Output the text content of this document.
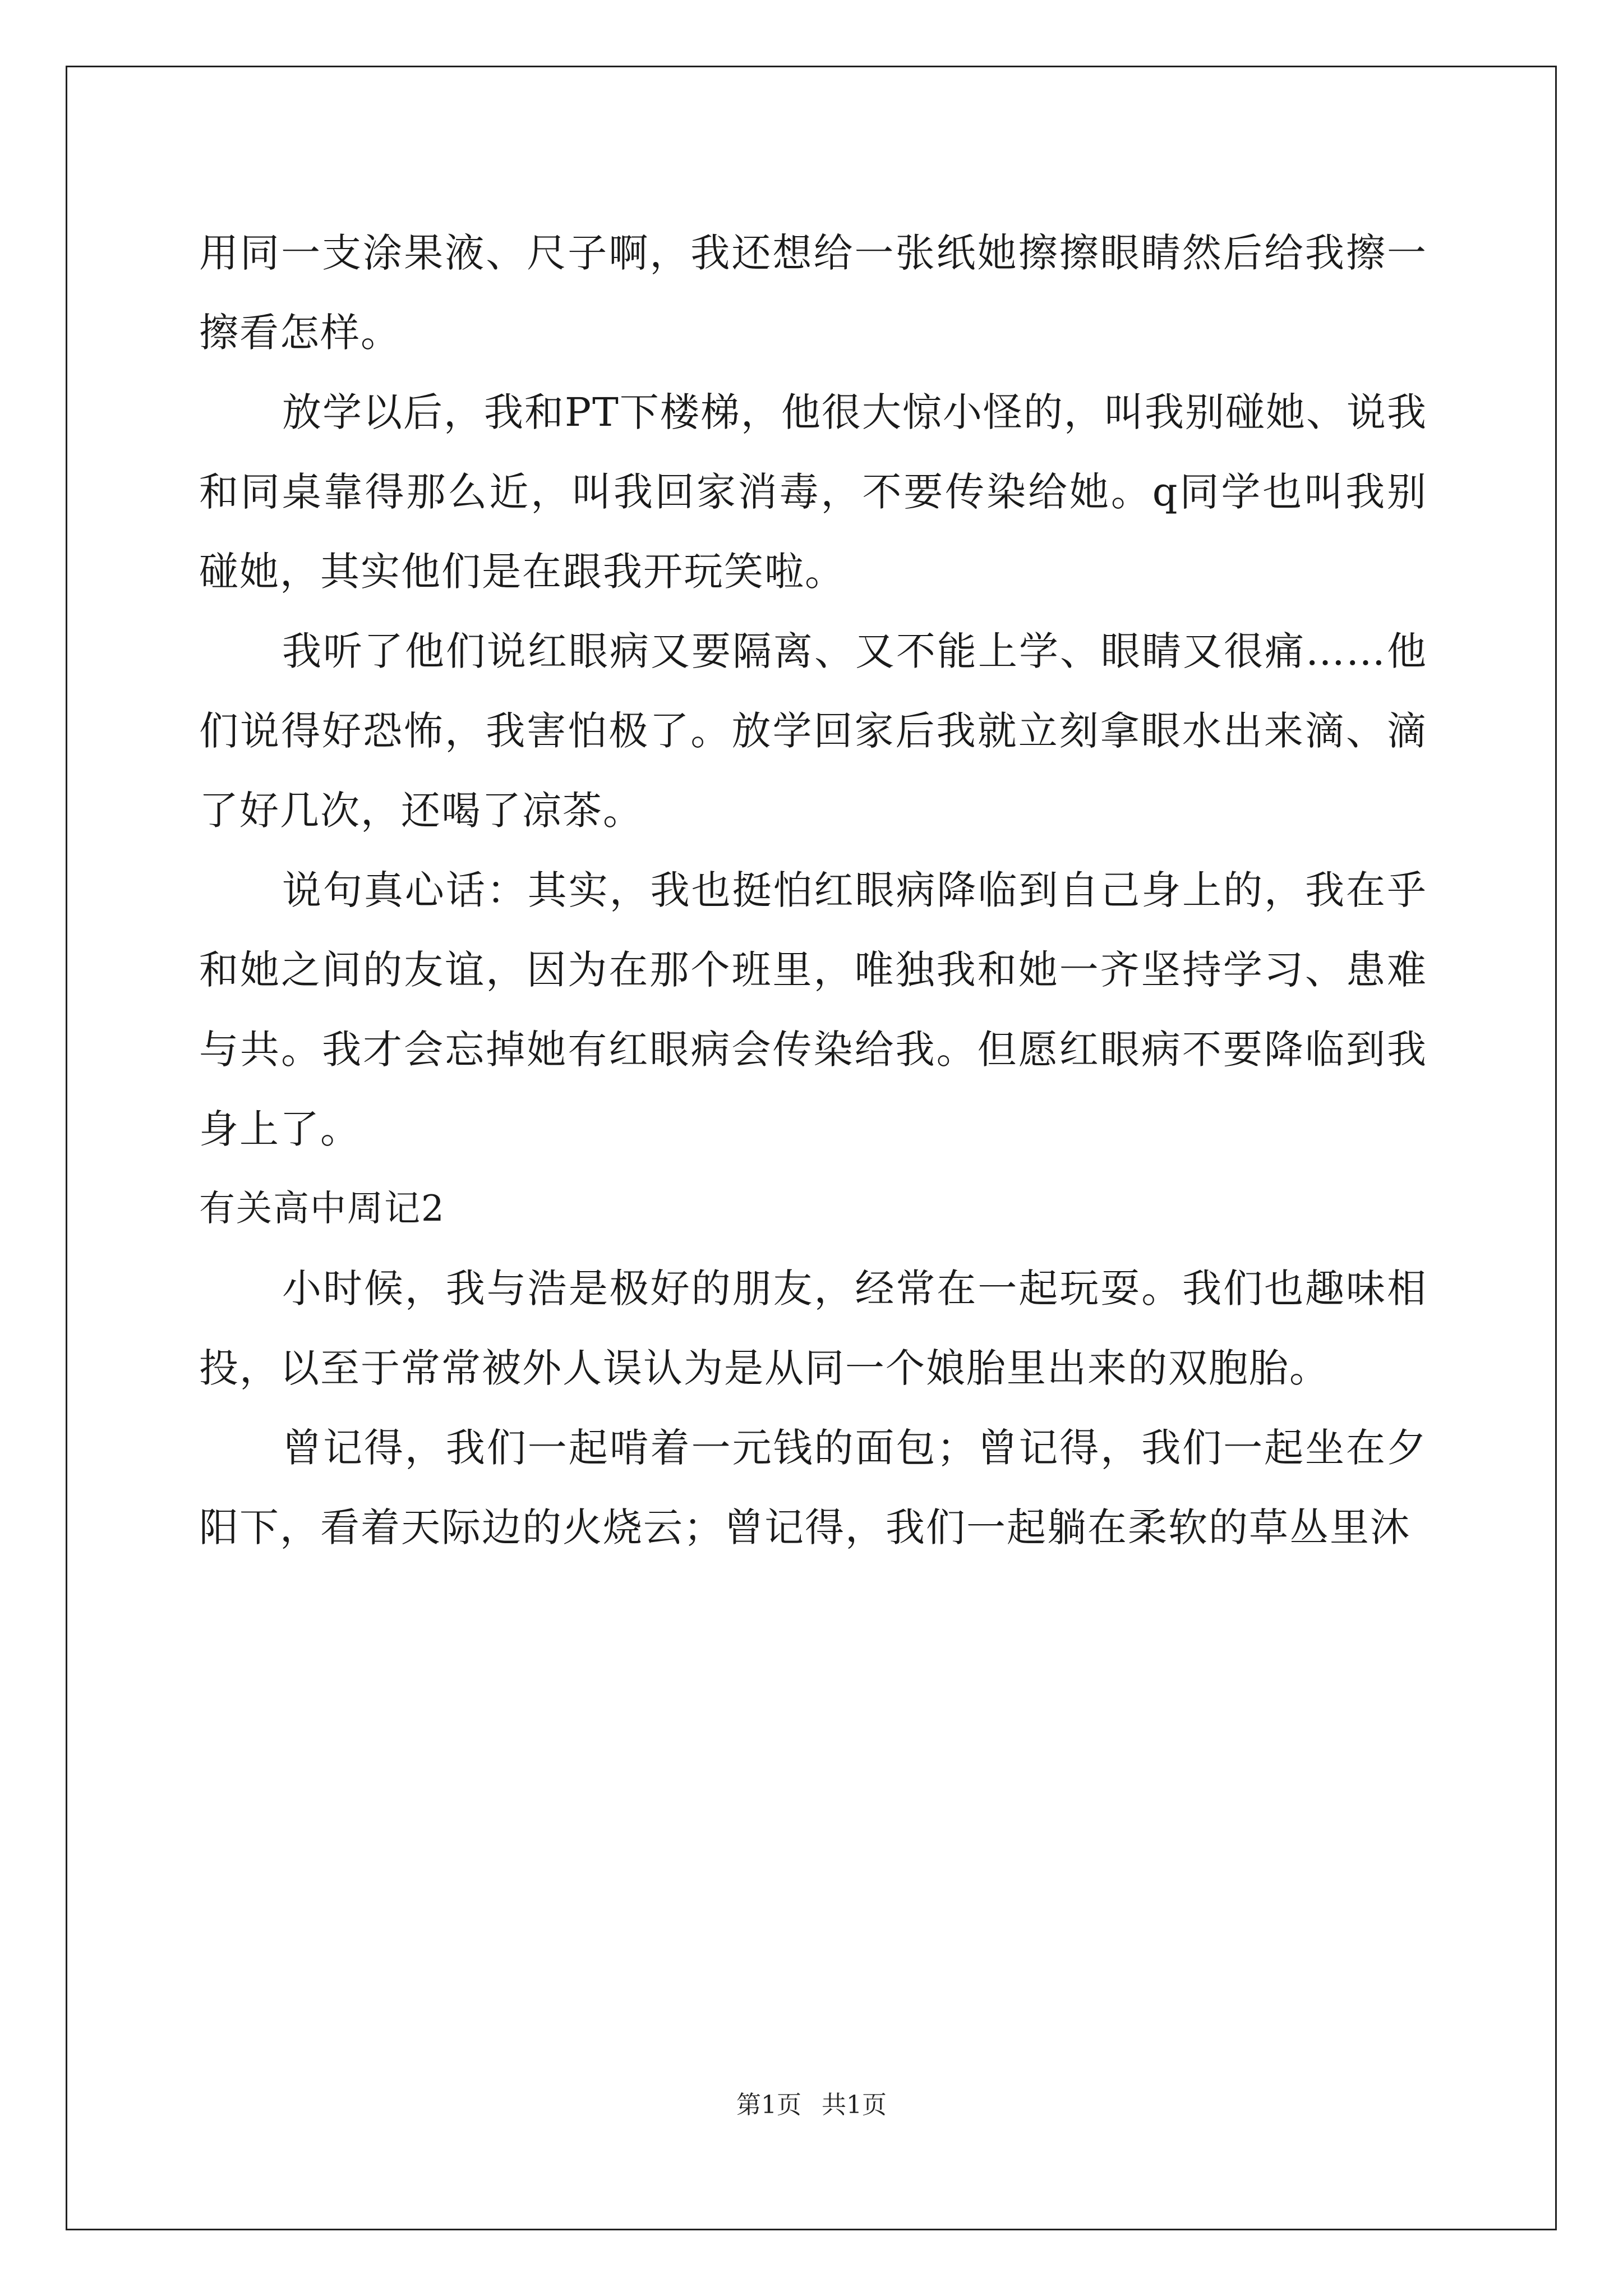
用同一支涂果液、尺子啊，我还想给一张纸她擦擦眼睛然后给我擦一擦看怎样。

放学以后，我和PT下楼梯，他很大惊小怪的，叫我别碰她、说我和同桌靠得那么近，叫我回家消毒，不要传染给她。q同学也叫我别碰她，其实他们是在跟我开玩笑啦。

我听了他们说红眼病又要隔离、又不能上学、眼睛又很痛……他们说得好恐怖，我害怕极了。放学回家后我就立刻拿眼水出来滴、滴了好几次，还喝了凉茶。

说句真心话：其实，我也挺怕红眼病降临到自己身上的，我在乎和她之间的友谊，因为在那个班里，唯独我和她一齐坚持学习、患难与共。我才会忘掉她有红眼病会传染给我。但愿红眼病不要降临到我身上了。

有关高中周记2

小时候，我与浩是极好的朋友，经常在一起玩耍。我们也趣味相投，以至于常常被外人误认为是从同一个娘胎里出来的双胞胎。

曾记得，我们一起啃着一元钱的面包；曾记得，我们一起坐在夕阳下，看着天际边的火烧云；曾记得，我们一起躺在柔软的草丛里沐

第1页 共1页
